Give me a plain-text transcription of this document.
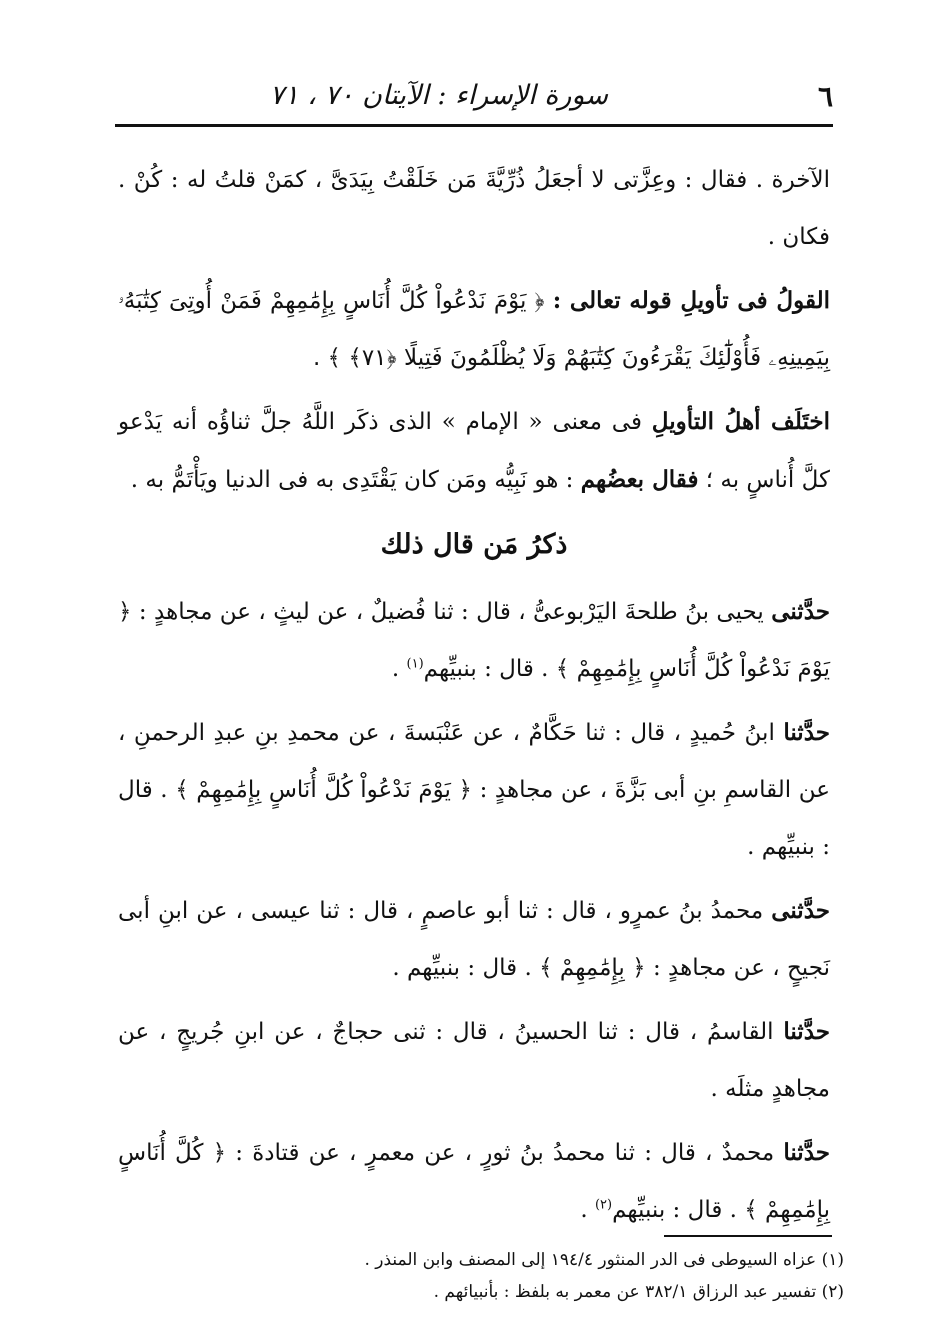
٦
سورة الإسراء : الآيتان ٧٠ ، ٧١

الآخرة . فقال : وعِزَّتى لا أجعَلُ ذُرِّيَّةَ مَن خَلَقْتُ بِيَدَىَّ ، كمَنْ قلتُ له : كُنْ . فكان .

القولُ فى تأويلِ قوله تعالى : ﴿ يَوْمَ نَدْعُواْ كُلَّ أُنَاسٍ بِإِمَٰمِهِمْ فَمَنْ أُوتِىَ كِتَٰبَهُۥ بِيَمِينِهِۦ فَأُوْلَٰٓئِكَ يَقْرَءُونَ كِتَٰبَهُمْ وَلَا يُظْلَمُونَ فَتِيلًا ﴿٧١﴾ ﴾ .

اختَلَف أهلُ التأويلِ فى معنى « الإمام » الذى ذكَر اللَّهُ جلَّ ثناؤُه أنه يَدْعو كلَّ أُناسٍ به ؛ فقال بعضُهم : هو نَبِيُّه ومَن كان يَقْتَدِى به فى الدنيا ويَأْتَمُّ به .

ذكرُ مَن قال ذلك

حدَّثنى يحيى بنُ طلحةَ اليَرْبوعىُّ ، قال : ثنا فُضيلٌ ، عن ليثٍ ، عن مجاهدٍ : ﴿ يَوْمَ نَدْعُواْ كُلَّ أُنَاسٍ بِإِمَٰمِهِمْ ﴾ . قال : بنبيِّهم$^{(١)}$ .

حدَّثنا ابنُ حُميدٍ ، قال : ثنا حَكَّامٌ ، عن عَنْبَسةَ ، عن محمدِ بنِ عبدِ الرحمنِ ، عن القاسمِ بنِ أبى بَزَّةَ ، عن مجاهدٍ : ﴿ يَوْمَ نَدْعُواْ كُلَّ أُنَاسٍ بِإِمَٰمِهِمْ ﴾ . قال : بنبيِّهم .

حدَّثنى محمدُ بنُ عمرٍو ، قال : ثنا أبو عاصمٍ ، قال : ثنا عيسى ، عن ابنِ أبى نَجيحٍ ، عن مجاهدٍ : ﴿ بِإِمَٰمِهِمْ ﴾ . قال : بنبيِّهم .

حدَّثنا القاسمُ ، قال : ثنا الحسينُ ، قال : ثنى حجاجٌ ، عن ابنِ جُريجٍ ، عن مجاهدٍ مثلَه .

حدَّثنا محمدٌ ، قال : ثنا محمدُ بنُ ثورٍ ، عن معمرٍ ، عن قتادةَ : ﴿ كُلَّ أُنَاسٍ بِإِمَٰمِهِمْ ﴾ . قال : بنبيِّهم$^{(٢)}$ .

(١) عزاه السيوطى فى الدر المنثور ١٩٤/٤ إلى المصنف وابن المنذر .

(٢) تفسير عبد الرزاق ٣٨٢/١ عن معمر به بلفظ : بأنبيائهم .
